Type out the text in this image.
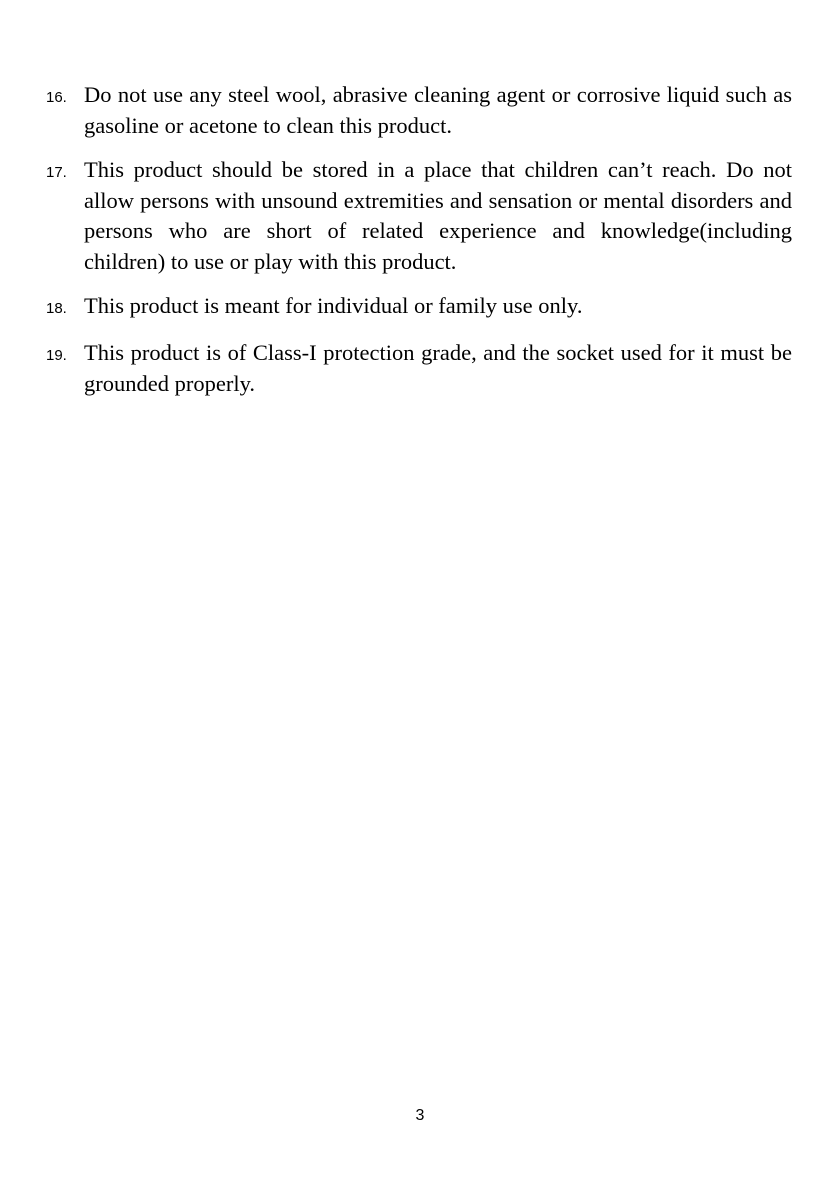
16. Do not use any steel wool, abrasive cleaning agent or corrosive liquid such as gasoline or acetone to clean this product.

17. This product should be stored in a place that children can’t reach. Do not allow persons with unsound extremities and sensation or mental disorders and persons who are short of related experience and knowledge(including children) to use or play with this product.

18. This product is meant for individual or family use only.

19. This product is of Class-I protection grade, and the socket used for it must be grounded properly.

3
